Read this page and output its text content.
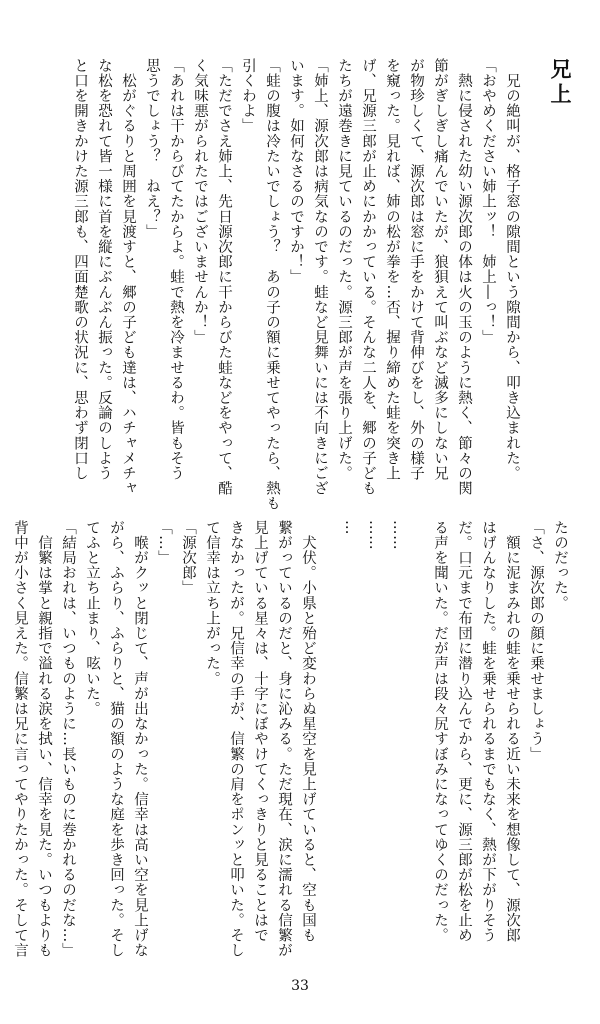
兄上
　兄の絶叫が、格子窓の隙間という隙間から、叩き込まれた。
「おやめください姉上ッ！　姉上―っ！」
　熱に侵された幼い源次郎の体は火の玉のように熱く、節々の関
節がぎしぎし痛んでいたが、狼狽えて叫ぶなど滅多にしない兄
が物珍しくて、源次郎は窓に手をかけて背伸びをし、外の様子
を窺った。見れば、姉の松が拳を…否、握り締めた蛙を突き上
げ、兄源三郎が止めにかかっている。そんな二人を、郷の子ども
たちが遠巻きに見ているのだった。源三郎が声を張り上げた。
「姉上、源次郎は病気なのです。蛙など見舞いには不向きにござ
います。如何なさるのですか！」
「蛙の腹は冷たいでしょう？　あの子の額に乗せてやったら、熱も
引くわよ」
「ただでさえ姉上、先日源次郎に干からびた蛙などをやって、酷
く気味悪がられたではございませんか！」
「あれは干からびてたからよ。蛙で熱を冷ませるわ。皆もそう
思うでしょう？　ねえ？」
　松がぐるりと周囲を見渡すと、郷の子ども達は、ハチャメチャ
な松を恐れて皆一様に首を縦にぶんぶん振った。反論のしよう
と口を開きかけた源三郎も、四面楚歌の状況に、思わず閉口し
たのだった。
「さ、源次郎の顔に乗せましょう」
　額に泥まみれの蛙を乗せられる近い未来を想像して、源次郎
はげんなりした。蛙を乗せられるまでもなく、熱が下がりそう
だ。口元まで布団に潜り込んでから、更に、源三郎が松を止め
る声を聞いた。だが声は段々尻すぼみになってゆくのだった。
……
……
…
　犬伏。小県と殆ど変わらぬ星空を見上げていると、空も国も
繋がっているのだと、身に沁みる。ただ現在、涙に濡れる信繁が
見上げている星々は、十字にぼやけてくっきりと見ることはで
きなかったが。兄信幸の手が、信繁の肩をポンッと叩いた。そし
て信幸は立ち上がった。
「源次郎」
「…」
　喉がクッと閉じて、声が出なかった。信幸は高い空を見上げな
がら、ふらり、ふらりと、猫の額のような庭を歩き回った。そし
てふと立ち止まり、呟いた。
「結局おれは、いつものように…長いものに巻かれるのだな…」
　信繁は掌と親指で溢れる涙を拭い、信幸を見た。いつもよりも
背中が小さく見えた。信繁は兄に言ってやりたかった。そして言
33
